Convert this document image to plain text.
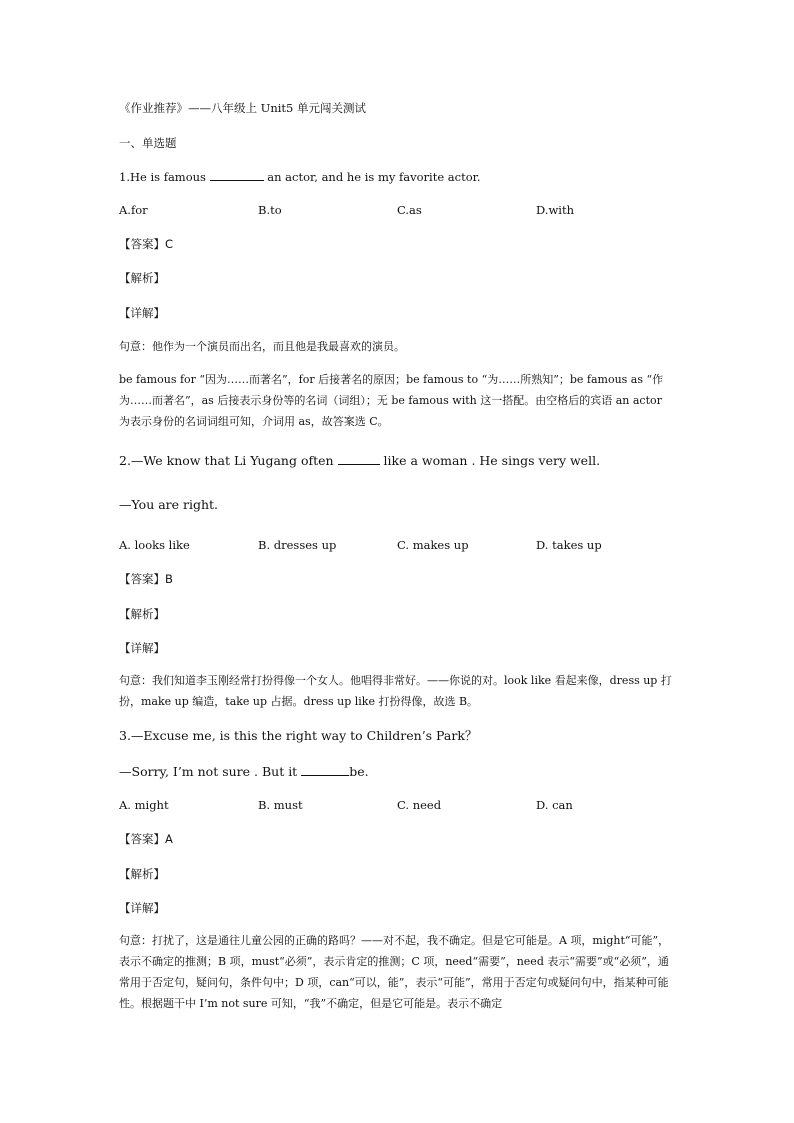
《作业推荐》——八年级上 Unit5 单元闯关测试
一、单选题
1.He is famous	an actor, and he is my favorite actor.
A.for	B.to	C.as	D.with
【答案】C
【解析】
【详解】
句意：他作为一个演员而出名，而且他是我最喜欢的演员。
be famous for “因为……而著名”，for 后接著名的原因；be famous to “为……所熟知”；be famous as “作为……而著名”，as 后接表示身份等的名词（词组）；无 be famous with 这一搭配。由空格后的宾语 an actor 为表示身份的名词词组可知，介词用 as，故答案选 C。
2.—We know that Li Yugang often	like a woman . He sings very well.
—You are right.
A. looks like	B. dresses up	C. makes up	D. takes up
【答案】B
【解析】
【详解】
句意：我们知道李玉刚经常打扮得像一个女人。他唱得非常好。——你说的对。look like 看起来像，dress up 打扮，make up 编造，take up 占据。dress up like 打扮得像，故选 B。
3.—Excuse me, is this the right way to Children’s Park？
—Sorry, I’m not sure . But it	be.
A. might	B. must	C. need	D. can
【答案】A
【解析】
【详解】
句意：打扰了，这是通往儿童公园的正确的路吗？——对不起，我不确定。但是它可能是。A 项，might“可能”，表示不确定的推测；B 项，must“必须”，表示肯定的推测；C 项，need“需要”，need 表示“需要”或“必须”，通常用于否定句，疑问句，条件句中；D 项，can“可以，能”，表示“可能”，常用于否定句或疑问句中，指某种可能性。根据题干中 I’m not sure 可知，“我”不确定，但是它可能是。表示不确定
